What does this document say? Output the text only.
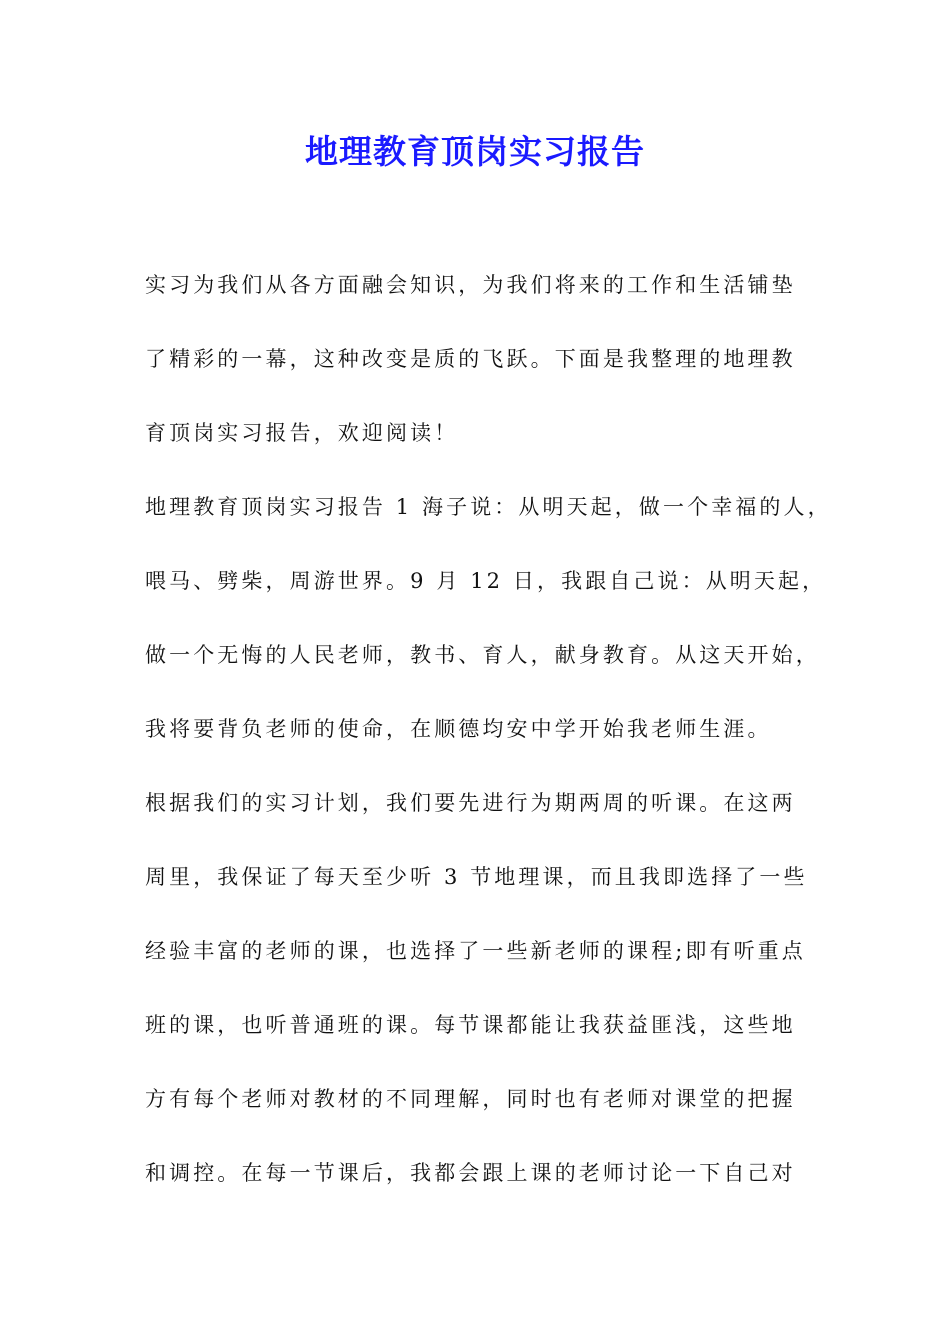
地理教育顶岗实习报告
实习为我们从各方面融会知识，为我们将来的工作和生活铺垫
了精彩的一幕，这种改变是质的飞跃。下面是我整理的地理教
育顶岗实习报告，欢迎阅读！
地理教育顶岗实习报告 1 海子说：从明天起，做一个幸福的人，
喂马、劈柴，周游世界。9 月 12 日，我跟自己说：从明天起，
做一个无悔的人民老师，教书、育人，献身教育。从这天开始，
我将要背负老师的使命，在顺德均安中学开始我老师生涯。
根据我们的实习计划，我们要先进行为期两周的听课。在这两
周里，我保证了每天至少听 3 节地理课，而且我即选择了一些
经验丰富的老师的课，也选择了一些新老师的课程;即有听重点
班的课，也听普通班的课。每节课都能让我获益匪浅，这些地
方有每个老师对教材的不同理解，同时也有老师对课堂的把握
和调控。在每一节课后，我都会跟上课的老师讨论一下自己对
